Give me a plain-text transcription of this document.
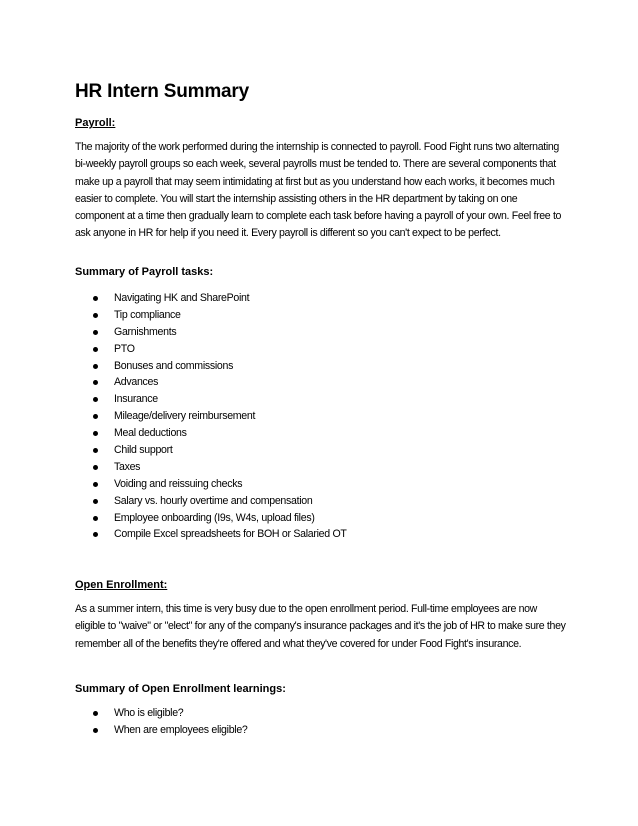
HR Intern Summary

Payroll:

The majority of the work performed during the internship is connected to payroll. Food Fight runs two alternating bi-weekly payroll groups so each week, several payrolls must be tended to. There are several components that make up a payroll that may seem intimidating at first but as you understand how each works, it becomes much easier to complete. You will start the internship assisting others in the HR department by taking on one component at a time then gradually learn to complete each task before having a payroll of your own. Feel free to ask anyone in HR for help if you need it. Every payroll is different so you can't expect to be perfect.

Summary of Payroll tasks:

Navigating HK and SharePoint
Tip compliance
Garnishments
PTO
Bonuses and commissions
Advances
Insurance
Mileage/delivery reimbursement
Meal deductions
Child support
Taxes
Voiding and reissuing checks
Salary vs. hourly overtime and compensation
Employee onboarding (I9s, W4s, upload files)
Compile Excel spreadsheets for BOH or Salaried OT

Open Enrollment:

As a summer intern, this time is very busy due to the open enrollment period. Full-time employees are now eligible to "waive" or "elect" for any of the company's insurance packages and it's the job of HR to make sure they remember all of the benefits they're offered and what they've covered for under Food Fight's insurance.

Summary of Open Enrollment learnings:

Who is eligible?
When are employees eligible?
